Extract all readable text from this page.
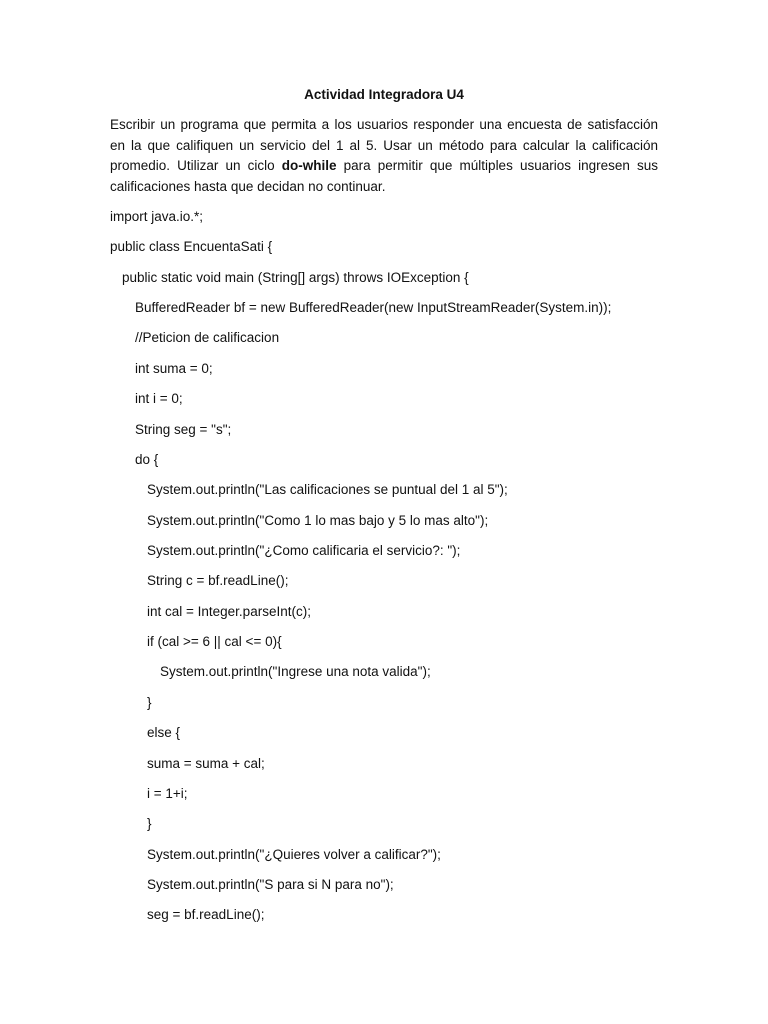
Actividad Integradora U4

Escribir un programa que permita a los usuarios responder una encuesta de satisfacción en la que califiquen un servicio del 1 al 5. Usar un método para calcular la calificación promedio. Utilizar un ciclo do-while para permitir que múltiples usuarios ingresen sus calificaciones hasta que decidan no continuar.

import java.io.*;
public class EncuentaSati {
public static void main (String[] args) throws IOException {
BufferedReader bf = new BufferedReader(new InputStreamReader(System.in));
//Peticion de calificacion
int suma = 0;
int i = 0;
String seg = "s";
do {
System.out.println("Las calificaciones se puntual del 1 al 5");
System.out.println("Como 1 lo mas bajo y 5 lo mas alto");
System.out.println("¿Como calificaria el servicio?: ");
String c = bf.readLine();
int cal = Integer.parseInt(c);
if (cal >= 6 || cal <= 0){
System.out.println("Ingrese una nota valida");
}
else {
suma = suma + cal;
i = 1+i;
}
System.out.println("¿Quieres volver a calificar?");
System.out.println("S para si N para no");
seg = bf.readLine();
